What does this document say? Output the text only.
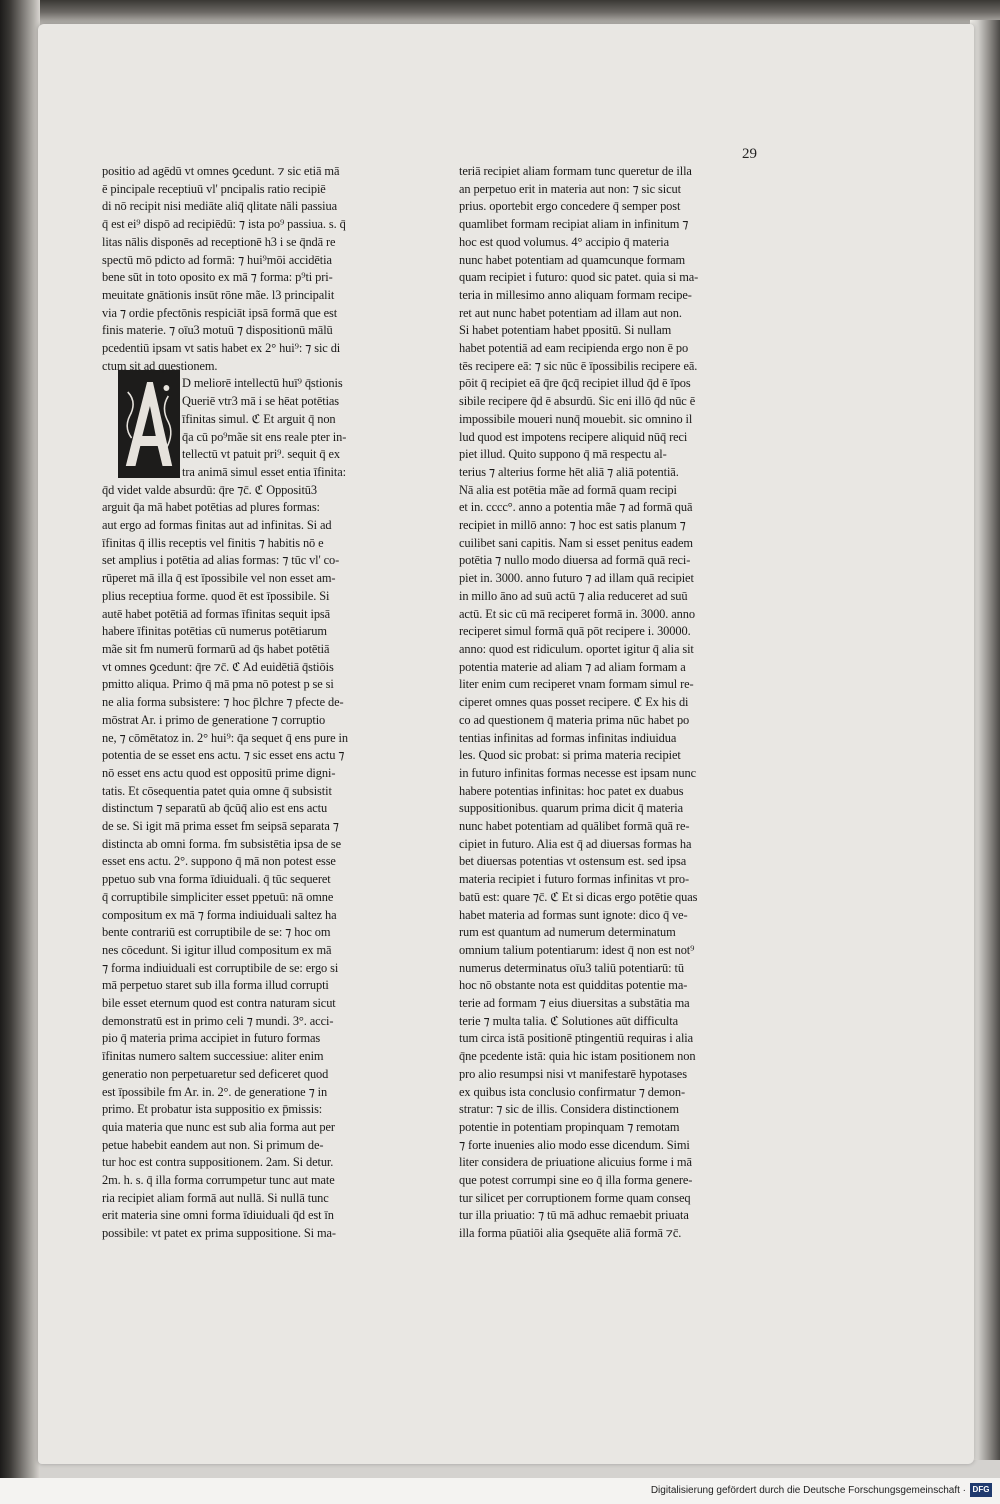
29
positio ad agēdū vt omnes ꝯcedunt. ⁊ sic etiā mā
ē pincipale receptiuū vl' pncipalis ratio recipiē
di nō recipit nisi mediāte aliq̄ qlitate nāli passiua
q̄ est ei⁹ dispō ad recipiēdū: ⁊ ista po⁹ passiua. s. q̄
litas nālis disponēs ad receptionē h3 i se q̄ndā re
spectū mō pdicto ad formā: ⁊ hui⁹mōi accidētia
bene sūt in toto oposito ex mā ⁊ forma: p⁹ti pri-
meuitate gnātionis insūt rōne mãe. l3 principalit
via ⁊ ordie pfectōnis respiciāt ipsā formā que est
finis materie. ⁊ oīu3 motuū ⁊ dispositionū mālū
pcedentiū ipsam vt satis habet ex 2° hui⁹: ⁊ sic di
ctum sit ad questionem.
D meliorē intellectū huī⁹ q̄stionis
Queriē vtr3 mā i se hēat potētias
īfinitas simul. ℭ Et arguit q̄ non
q̄a cū po⁹mãe sit ens reale pter in-
tellectū vt patuit pri⁹. sequit q̄ ex
tra animā simul esset entia īfinita:
q̄d videt valde absurdū: q̄re ⁊c̄. ℭ Oppositū3
arguit q̄a mā habet potētias ad plures formas:
aut ergo ad formas finitas aut ad infinitas. Si ad
īfinitas q̄ illis receptis vel finitis ⁊ habitis nō e
set amplius i potētia ad alias formas: ⁊ tūc vl' co-
rūperet mā illa q̄ est īpossibile vel non esset am-
plius receptiua forme. quod ēt est īpossibile. Si
autē habet potētiā ad formas īfinitas sequit ipsā
habere īfinitas potētias cū numerus potētiarum
mãe sit fm numerū formarū ad q̄s habet potētiā
vt omnes ꝯcedunt: q̄re ⁊c̄. ℭ Ad euidētiā q̄stiōis
pmitto aliqua. Primo q̄ mā pma nō potest p se si
ne alia forma subsistere: ⁊ hoc p̄lchre ⁊ pfecte de-
mōstrat Ar. i primo de generatione ⁊ corruptio
ne, ⁊ cōmētatoz in. 2° hui⁹: q̄a sequet q̄ ens pure in
potentia de se esset ens actu. ⁊ sic esset ens actu ⁊
nō esset ens actu quod est oppositū prime digni-
tatis. Et cōsequentia patet quia omne q̄ subsistit
distinctum ⁊ separatū ab q̄cūq̄ alio est ens actu
de se. Si igit mā prima esset fm seipsā separata ⁊
distincta ab omni forma. fm subsistētia ipsa de se
esset ens actu. 2°. suppono q̄ mā non potest esse
ppetuo sub vna forma īdiuiduali. q̄ tūc sequeret
q̄ corruptibile simpliciter esset ppetuū: nā omne
compositum ex mā ⁊ forma indiuiduali saltez ha
bente contrariū est corruptibile de se: ⁊ hoc om
nes cōcedunt. Si igitur illud compositum ex mā
⁊ forma indiuiduali est corruptibile de se: ergo si
mā perpetuo staret sub illa forma illud corrupti
bile esset eternum quod est contra naturam sicut
demonstratū est in primo celi ⁊ mundi. 3°. acci-
pio q̄ materia prima accipiet in futuro formas
īfinitas numero saltem successiue: aliter enim
generatio non perpetuaretur sed deficeret quod
est īpossibile fm Ar. in. 2°. de generatione ⁊ in
primo. Et probatur ista suppositio ex p̄missis:
quia materia que nunc est sub alia forma aut per
petue habebit eandem aut non. Si primum de-
tur hoc est contra suppositionem. 2am. Si detur.
2m. h. s. q̄ illa forma corrumpetur tunc aut mate
ria recipiet aliam formā aut nullā. Si nullā tunc
erit materia sine omni forma īdiuiduali q̄d est īn
possibile: vt patet ex prima suppositione. Si ma-
teriā recipiet aliam formam tunc queretur de illa
an perpetuo erit in materia aut non: ⁊ sic sicut
prius. oportebit ergo concedere q̄ semper post
quamlibet formam recipiat aliam in infinitum ⁊
hoc est quod volumus. 4° accipio q̄ materia
nunc habet potentiam ad quamcunque formam
quam recipiet i futuro: quod sic patet. quia si ma-
teria in millesimo anno aliquam formam recipe-
ret aut nunc habet potentiam ad illam aut non.
Si habet potentiam habet ppositū. Si nullam
habet potentiā ad eam recipienda ergo non ē po
tēs recipere eā: ⁊ sic nūc ē īpossibilis recipere eā.
pōit q̄ recipiet eā q̄re q̄cq̄ recipiet illud q̄d ē īpos
sibile recipere q̄d ē absurdū. Sic eni illō q̄d nūc ē
impossibile moueri nunq̄ mouebit. sic omnino il
lud quod est impotens recipere aliquid nūq̄ reci
piet illud. Quito suppono q̄ mā respectu al-
terius ⁊ alterius forme hēt aliā ⁊ aliā potentiā.
Nā alia est potētia mãe ad formā quam recipi
et in. cccc°. anno a potentia mãe ⁊ ad formā quā
recipiet in millō anno: ⁊ hoc est satis planum ⁊
cuilibet sani capitis. Nam si esset penitus eadem
potētia ⁊ nullo modo diuersa ad formā quā reci-
piet in. 3000. anno futuro ⁊ ad illam quā recipiet
in millo āno ad suū actū ⁊ alia reduceret ad suū
actū. Et sic cū mā reciperet formā in. 3000. anno
reciperet simul formā quā pōt recipere i. 30000.
anno: quod est ridiculum. oportet igitur q̄ alia sit
potentia materie ad aliam ⁊ ad aliam formam a
liter enim cum reciperet vnam formam simul re-
ciperet omnes quas posset recipere. ℭ Ex his di
co ad questionem q̄ materia prima nūc habet po
tentias infinitas ad formas infinitas indiuidua
les. Quod sic probat: si prima materia recipiet
in futuro infinitas formas necesse est ipsam nunc
habere potentias infinitas: hoc patet ex duabus
suppositionibus. quarum prima dicit q̄ materia
nunc habet potentiam ad quālibet formā quā re-
cipiet in futuro. Alia est q̄ ad diuersas formas ha
bet diuersas potentias vt ostensum est. sed ipsa
materia recipiet i futuro formas infinitas vt pro-
batū est: quare ⁊c̄. ℭ Et si dicas ergo potētie quas
habet materia ad formas sunt ignote: dico q̄ ve-
rum est quantum ad numerum determinatum
omnium talium potentiarum: idest q̄ non est not⁹
numerus determinatus oīu3 taliū potentiarū: tū
hoc nō obstante nota est quidditas potentie ma-
terie ad formam ⁊ eius diuersitas a substātia ma
terie ⁊ multa talia. ℭ Solutiones aūt difficulta
tum circa istā positionē ptingentiū requiras i alia
q̄ne pcedente istā: quia hic istam positionem non
pro alio resumpsi nisi vt manifestarē hypotases
ex quibus ista conclusio confirmatur ⁊ demon-
stratur: ⁊ sic de illis. Considera distinctionem
potentie in potentiam propinquam ⁊ remotam
⁊ forte inuenies alio modo esse dicendum. Simi
liter considera de priuatione alicuius forme i mā
que potest corrumpi sine eo q̄ illa forma genere-
tur silicet per corruptionem forme quam conseq
tur illa priuatio: ⁊ tū mā adhuc remaebit priuata
illa forma pūatiōi alia ꝯsequēte aliā formā ⁊c̄.
Digitalisierung gefördert durch die Deutsche Forschungsgemeinschaft · DFG
